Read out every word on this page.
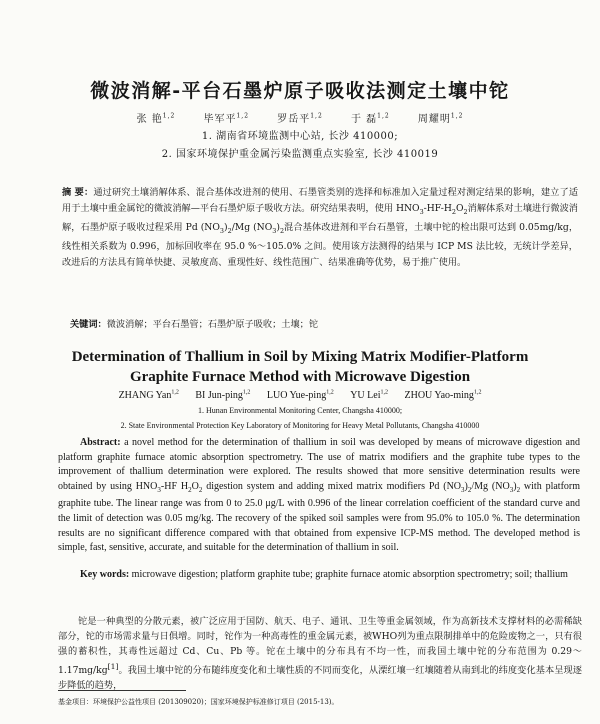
微波消解-平台石墨炉原子吸收法测定土壤中铊
张 艳$^{1,2}$	毕军平$^{1,2}$	罗岳平$^{1,2}$	于 磊$^{1,2}$	周耀明$^{1,2}$
1. 湖南省环境监测中心站, 长沙 410000;
2. 国家环境保护重金属污染监测重点实验室, 长沙 410019
摘 要：通过研究土壤消解体系、混合基体改进剂的使用、石墨管类别的选择和标准加入定量过程对测定结果的影响，建立了适用于土壤中重金属铊的微波消解—平台石墨炉原子吸收方法。研究结果表明，使用 $HNO_3-HF-H_2O_2$消解体系对土壤进行微波消解，石墨炉原子吸收过程采用 Pd $(NO_3)_2/Mg$ $(NO_3)_2$混合基体改进剂和平台石墨管，土壤中铊的检出限可达到 0.05mg/kg，线性相关系数为 0.996，加标回收率在 95.0 %～105.0% 之间。使用该方法测得的结果与 ICP MS 法比较，无统计学差异，改进后的方法具有简单快捷、灵敏度高、重现性好、线性范围广、结果准确等优势，易于推广使用。
关键词：微波消解；平台石墨管；石墨炉原子吸收；土壤；铊
Determination of Thallium in Soil by Mixing Matrix Modifier-Platform
Graphite Furnace Method with Microwave Digestion
ZHANG Yan$^{1,2}$ BI Jun-ping$^{1,2}$ LUO Yue-ping$^{1,2}$ YU Lei$^{1,2}$ ZHOU Yao-ming$^{1,2}$
1. Hunan Environmental Monitoring Center, Changsha 410000;
2. State Environmental Protection Key Laboratory of Monitoring for Heavy Metal Pollutants, Changsha 410000
Abstract: a novel method for the determination of thallium in soil was developed by means of microwave digestion and platform graphite furnace atomic absorption spectrometry. The use of matrix modifiers and the graphite tube types to the improvement of thallium determination were explored. The results showed that more sensitive determination results were obtained by using $HNO_3-HF$ $H_2O_2$ digestion system and adding mixed matrix modifiers Pd $(NO_3)_2/Mg$ $(NO_3)_2$ with platform graphite tube. The linear range was from 0 to 25.0 μg/L with 0.996 of the linear correlation coefficient of the standard curve and the limit of detection was 0.05 mg/kg. The recovery of the spiked soil samples were from 95.0% to 105.0 %. The determination results are no significant difference compared with that obtained from expensive ICP-MS method. The developed method is simple, fast, sensitive, accurate, and suitable for the determination of thallium in soil.
Key words: microwave digestion; platform graphite tube; graphite furnace atomic absorption spectrometry; soil; thallium
铊是一种典型的分散元素，被广泛应用于国防、航天、电子、通讯、卫生等重金属领域，作为高新技术支撑材料的必需稀缺部分，铊的市场需求量与日俱增。同时，铊作为一种高毒性的重金属元素，被WHO列为重点限制排单中的危险废物之一，只有很强的蓄积性，其毒性远超过 Cd、Cu、Pb 等。铊在土壤中的分布具有不均一性，而我国土壤中铊的分布范围为 0.29～1.17mg/kg[1]。我国土壤中铊的分布随纬度变化和土壤性质的不同而变化，从溧红壤一红壤随着从南到北的纬度变化基本呈现逐步降低的趋势，
基金项目：环境保护公益性项目 (201309020)；国家环境保护标准修订项目 (2015-13)。
